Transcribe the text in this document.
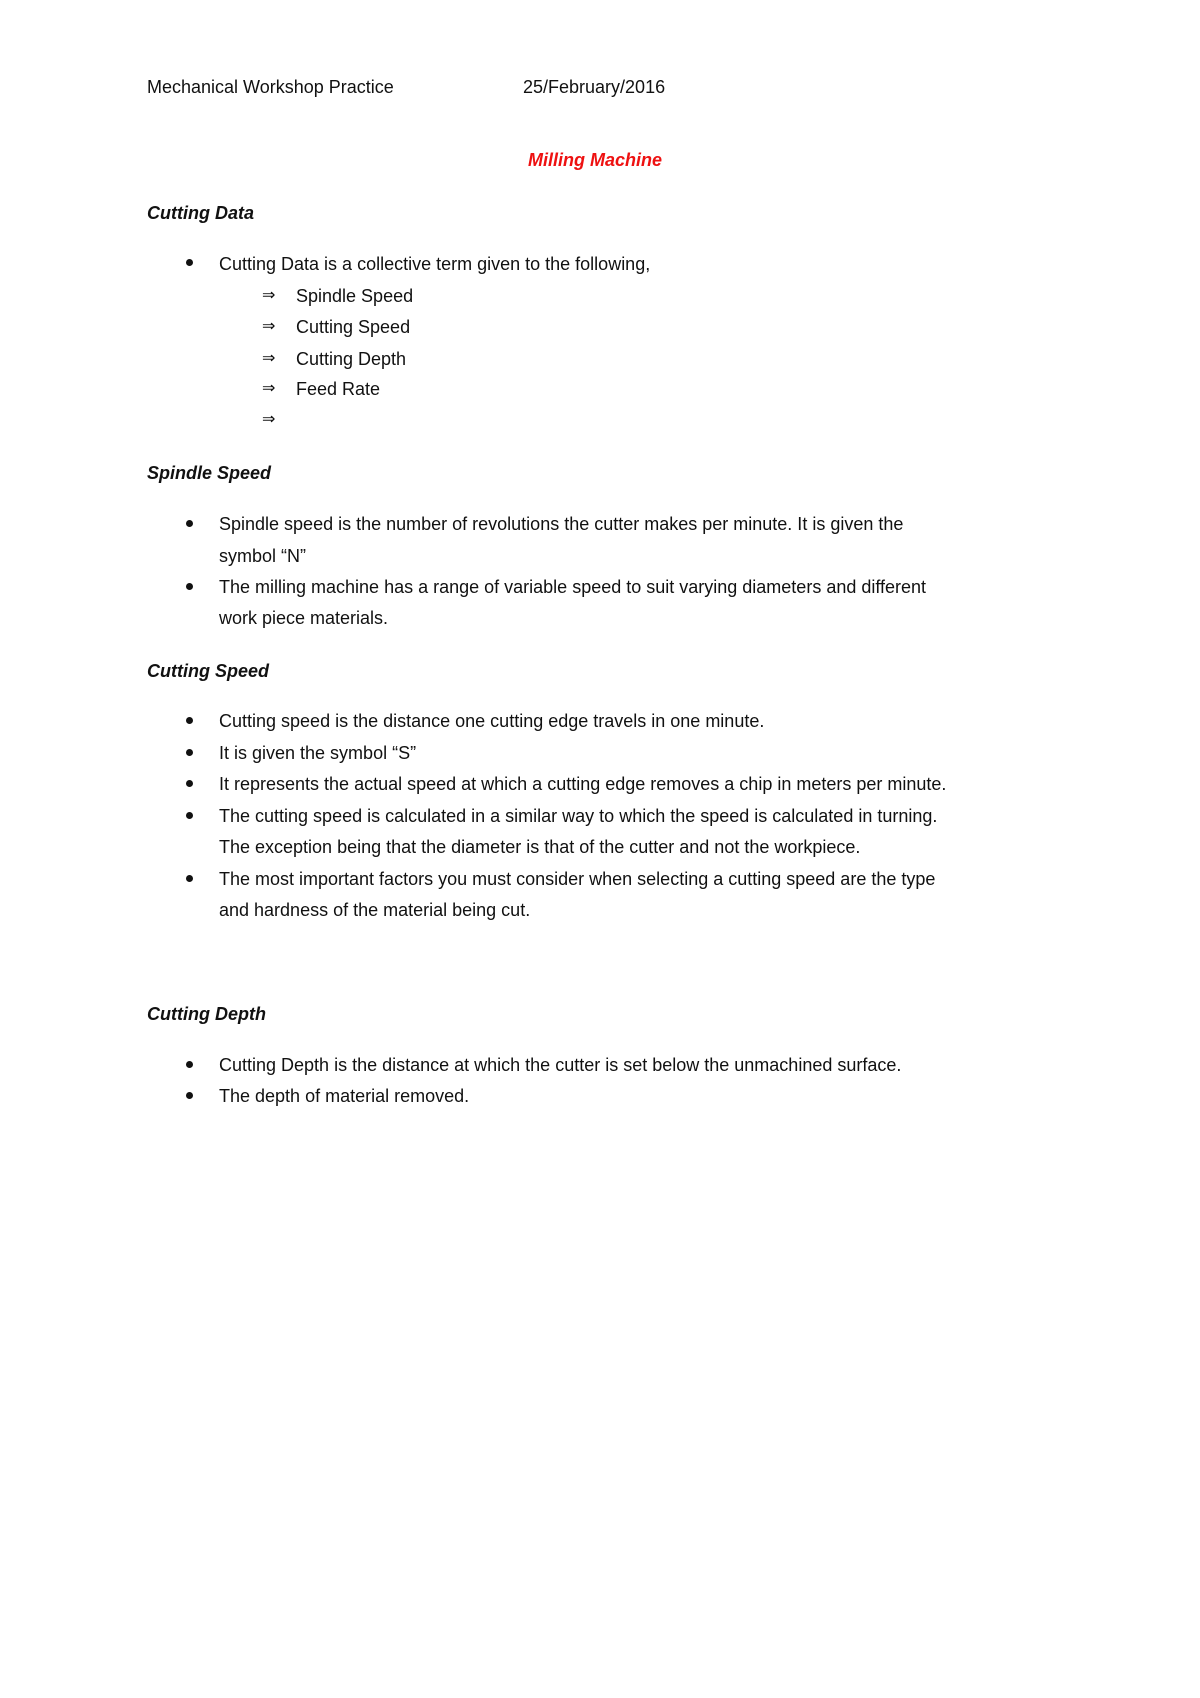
Mechanical Workshop Practice	25/February/2016
Milling Machine
Cutting Data
Cutting Data is a collective term given to the following,
⇒ Spindle Speed
⇒ Cutting Speed
⇒ Cutting Depth
⇒ Feed Rate
⇒
Spindle Speed
Spindle speed is the number of revolutions the cutter makes per minute. It is given the
symbol “N”
The milling machine has a range of variable speed to suit varying diameters and different
work piece materials.
Cutting Speed
Cutting speed is the distance one cutting edge travels in one minute.
It is given the symbol “S”
It represents the actual speed at which a cutting edge removes a chip in meters per minute.
The cutting speed is calculated in a similar way to which the speed is calculated in turning.
The exception being that the diameter is that of the cutter and not the workpiece.
The most important factors you must consider when selecting a cutting speed are the type
and hardness of the material being cut.
Cutting Depth
Cutting Depth is the distance at which the cutter is set below the unmachined surface.
The depth of material removed.
